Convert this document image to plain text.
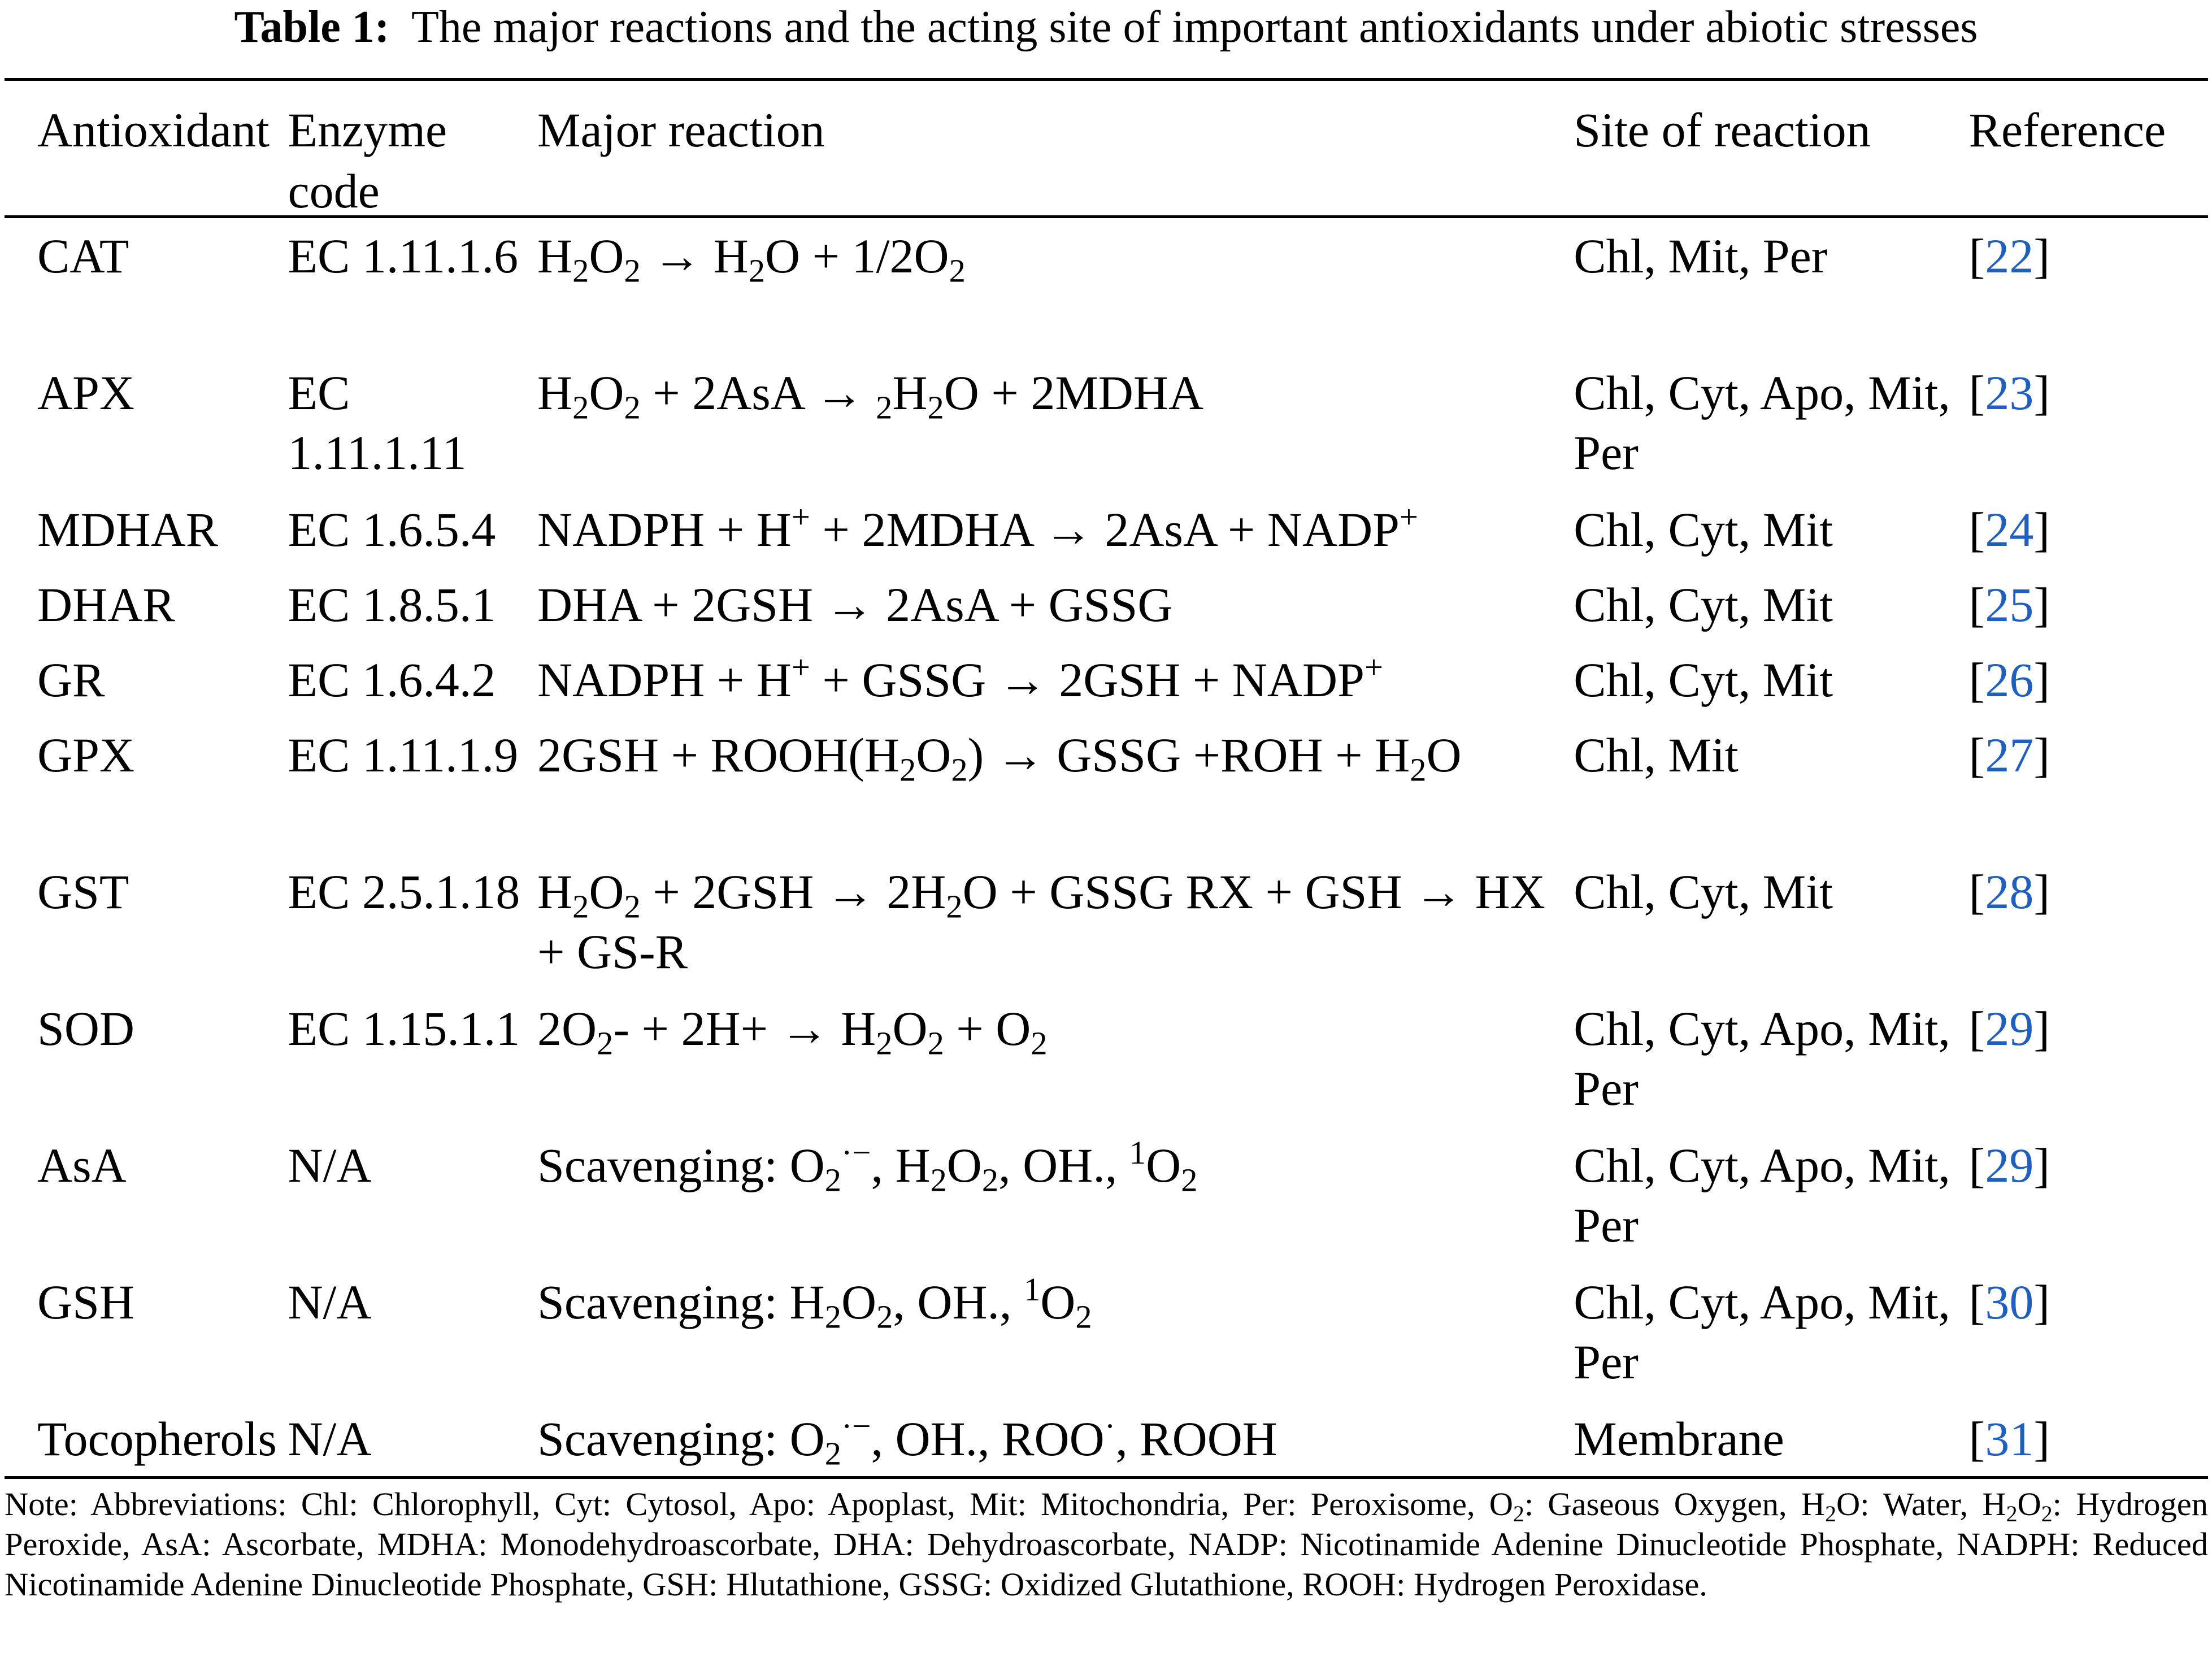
Table 1: The major reactions and the acting site of important antioxidants under abiotic stresses
Antioxidant	Enzyme code	Major reaction	Site of reaction	Reference
CAT	EC 1.11.1.6	$H_2O_2 \to H_2O + 1/2O_2$	Chl, Mit, Per	[22]
APX	EC 1.11.1.11	$H_2O_2 + 2AsA \to _2H_2O$ + 2MDHA	Chl, Cyt, Apo, Mit, Per	[23]
MDHAR	EC 1.6.5.4	NADPH + H+ + 2MDHA → 2AsA + NADP+	Chl, Cyt, Mit	[24]
DHAR	EC 1.8.5.1	DHA + 2GSH → 2AsA + GSSG	Chl, Cyt, Mit	[25]
GR	EC 1.6.4.2	NADPH + H+ + GSSG → 2GSH + NADP+	Chl, Cyt, Mit	[26]
GPX	EC 1.11.1.9	$2GSH + ROOH(H_2O_2)$ → GSSG $+ROH + H_2O$	Chl, Mit	[27]
GST	EC 2.5.1.18	$H_2O_2 + 2GSH \to 2H_2O$ + GSSG RX + GSH → HX + GS-R	Chl, Cyt, Mit	[28]
SOD	EC 1.15.1.1	$2O_2- + 2H+ \to H_2O_2 + O_2$	Chl, Cyt, Apo, Mit, Per	[29]
AsA	N/A	Scavenging: $O_2^{\cdot-}$, $H_2O_2$, OH., $^1O_2$	Chl, Cyt, Apo, Mit, Per	[29]
GSH	N/A	Scavenging: $H_2O_2$, OH., $^1O_2$	Chl, Cyt, Apo, Mit, Per	[30]
Tocopherols	N/A	Scavenging: $O_2^{\cdot-}$, OH., ROO·, ROOH	Membrane	[31]
Note: Abbreviations: Chl: Chlorophyll, Cyt: Cytosol, Apo: Apoplast, Mit: Mitochondria, Per: Peroxisome, $O_2$: Gaseous Oxygen, $H_2O$: Water, $H_2O_2$: Hydrogen Peroxide, AsA: Ascorbate, MDHA: Monodehydroascorbate, DHA: Dehydroascorbate, NADP: Nicotinamide Adenine Dinucleotide Phosphate, NADPH: Reduced Nicotinamide Adenine Dinucleotide Phosphate, GSH: Hlutathione, GSSG: Oxidized Glutathione, ROOH: Hydrogen Peroxidase.
